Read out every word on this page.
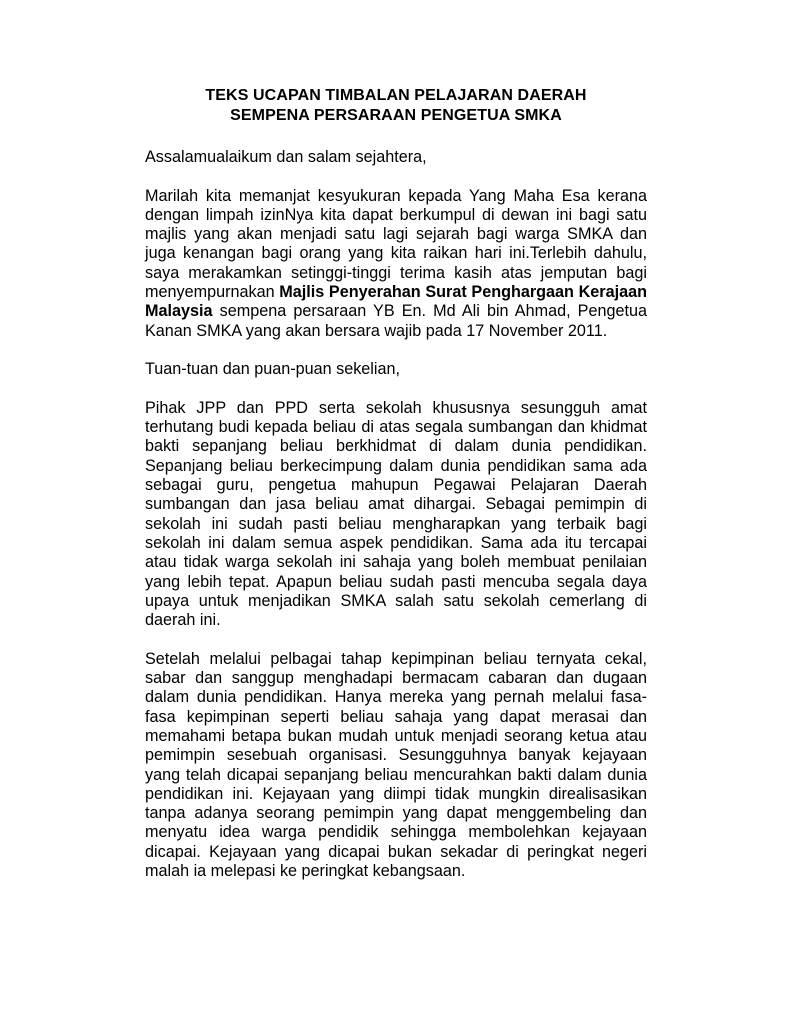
TEKS UCAPAN TIMBALAN PELAJARAN DAERAH
SEMPENA PERSARAAN PENGETUA SMKA

Assalamualaikum dan salam sejahtera,

Marilah kita memanjat kesyukuran kepada Yang Maha Esa kerana dengan limpah izinNya kita dapat berkumpul di dewan ini bagi satu majlis yang akan menjadi satu lagi sejarah bagi warga SMKA dan juga kenangan bagi orang yang kita raikan hari ini.Terlebih dahulu, saya merakamkan setinggi-tinggi terima kasih atas jemputan bagi menyempurnakan Majlis Penyerahan Surat Penghargaan Kerajaan Malaysia sempena persaraan YB En. Md Ali bin Ahmad, Pengetua Kanan SMKA yang akan bersara wajib pada 17 November 2011.

Tuan-tuan dan puan-puan sekelian,

Pihak JPP dan PPD serta sekolah khususnya sesungguh amat terhutang budi kepada beliau di atas segala sumbangan dan khidmat bakti sepanjang beliau berkhidmat di dalam dunia pendidikan. Sepanjang beliau berkecimpung dalam dunia pendidikan sama ada sebagai guru, pengetua mahupun Pegawai Pelajaran Daerah sumbangan dan jasa beliau amat dihargai. Sebagai pemimpin di sekolah ini sudah pasti beliau mengharapkan yang terbaik bagi sekolah ini dalam semua aspek pendidikan. Sama ada itu tercapai atau tidak warga sekolah ini sahaja yang boleh membuat penilaian yang lebih tepat. Apapun beliau sudah pasti mencuba segala daya upaya untuk menjadikan SMKA salah satu sekolah cemerlang di daerah ini.

Setelah melalui pelbagai tahap kepimpinan beliau ternyata cekal, sabar dan sanggup menghadapi bermacam cabaran dan dugaan dalam dunia pendidikan. Hanya mereka yang pernah melalui fasa-fasa kepimpinan seperti beliau sahaja yang dapat merasai dan memahami betapa bukan mudah untuk menjadi seorang ketua atau pemimpin sesebuah organisasi. Sesungguhnya banyak kejayaan yang telah dicapai sepanjang beliau mencurahkan bakti dalam dunia pendidikan ini. Kejayaan yang diimpi tidak mungkin direalisasikan tanpa adanya seorang pemimpin yang dapat menggembeling dan menyatu idea warga pendidik sehingga membolehkan kejayaan dicapai. Kejayaan yang dicapai bukan sekadar di peringkat negeri malah ia melepasi ke peringkat kebangsaan.
